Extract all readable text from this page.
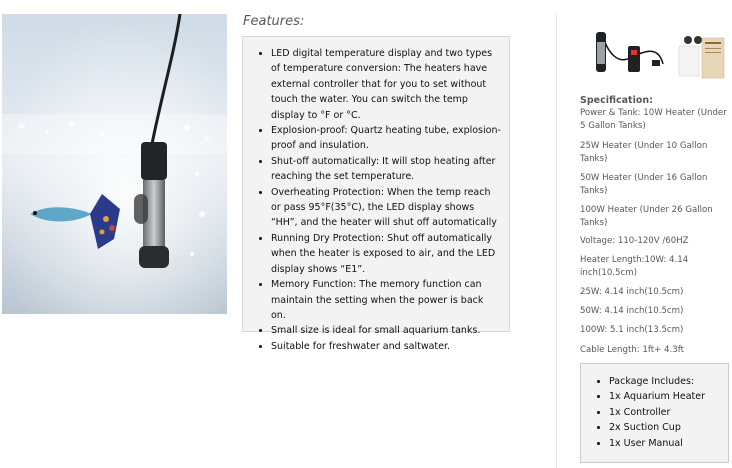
Features:
• LED digital temperature display and two types of temperature conversion: The heaters have external controller that for you to set without touch the water. You can switch the temp display to °F or °C.
• Explosion-proof: Quartz heating tube, explosion-proof and insulation.
• Shut-off automatically: It will stop heating after reaching the set temperature.
• Overheating Protection: When the temp reach or pass 95°F(35°C), the LED display shows “HH”, and the heater will shut off automatically
• Running Dry Protection: Shut off automatically when the heater is exposed to air, and the LED display shows “E1”.
• Memory Function: The memory function can maintain the setting when the power is back on.
• Small size is ideal for small aquarium tanks.
• Suitable for freshwater and saltwater.
Specification:
Power & Tank: 10W Heater (Under 5 Gallon Tanks)
25W Heater (Under 10 Gallon Tanks)
50W Heater (Under 16 Gallon Tanks)
100W Heater (Under 26 Gallon Tanks)
Voltage: 110-120V /60HZ
Heater Length:10W: 4.14 inch(10.5cm)
25W: 4.14 inch(10.5cm)
50W: 4.14 inch(10.5cm)
100W: 5.1 inch(13.5cm)
Cable Length: 1ft+ 4.3ft
• Package Includes:
• 1x Aquarium Heater
• 1x Controller
• 2x Suction Cup
• 1x User Manual
